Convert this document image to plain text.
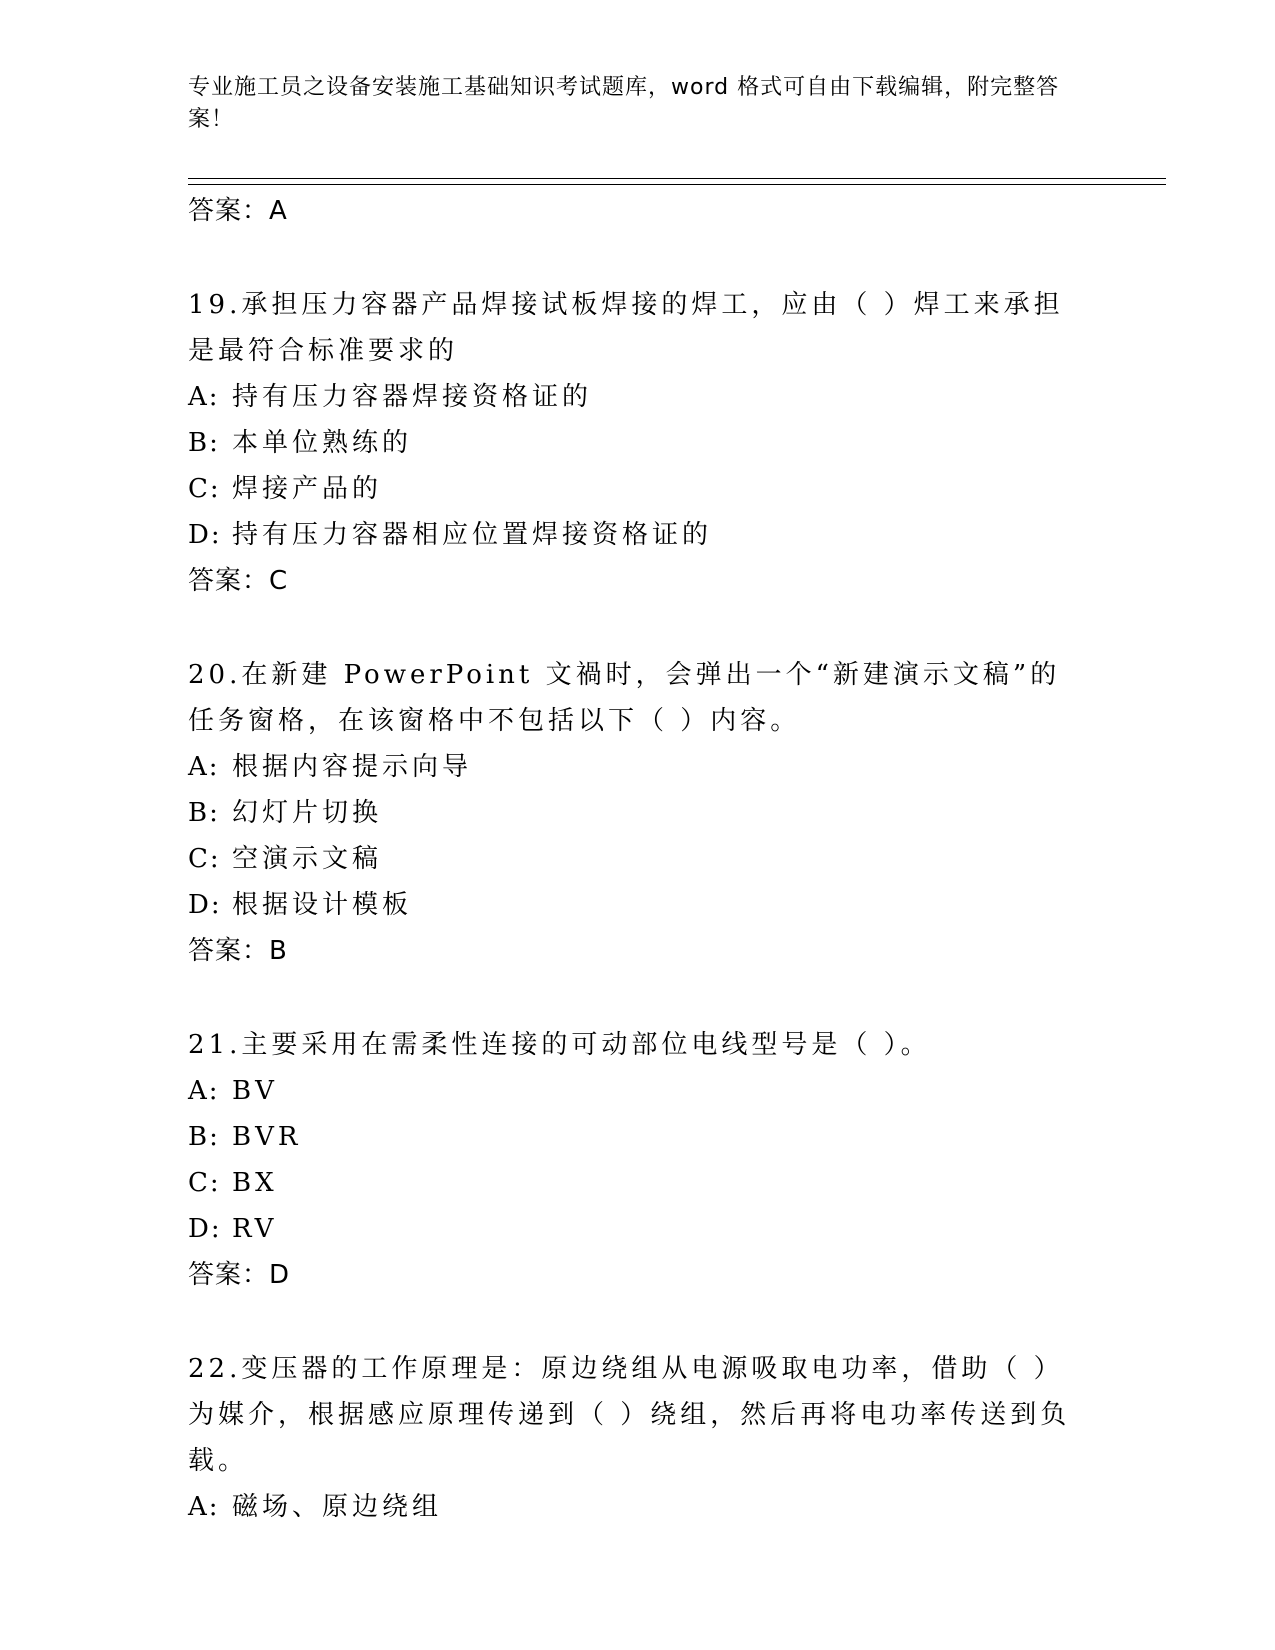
专业施工员之设备安装施工基础知识考试题库，word 格式可自由下载编辑，附完整答案！
答案：A
19.承担压力容器产品焊接试板焊接的焊工，应由（ ）焊工来承担是最符合标准要求的
A: 持有压力容器焊接资格证的
B: 本单位熟练的
C: 焊接产品的
D: 持有压力容器相应位置焊接资格证的
答案：C
20.在新建 PowerPoint 文禍时，会弹出一个“新建演示文稿”的任务窗格，在该窗格中不包括以下（ ）内容。
A: 根据内容提示向导
B: 幻灯片切换
C: 空演示文稿
D: 根据设计模板
答案：B
21.主要采用在需柔性连接的可动部位电线型号是（ ）。
A: BV
B: BVR
C: BX
D: RV
答案：D
22.变压器的工作原理是：原边绕组从电源吸取电功率，借助（ ）为媒介，根据感应原理传递到（ ）绕组，然后再将电功率传送到负载。
A: 磁场、原边绕组
